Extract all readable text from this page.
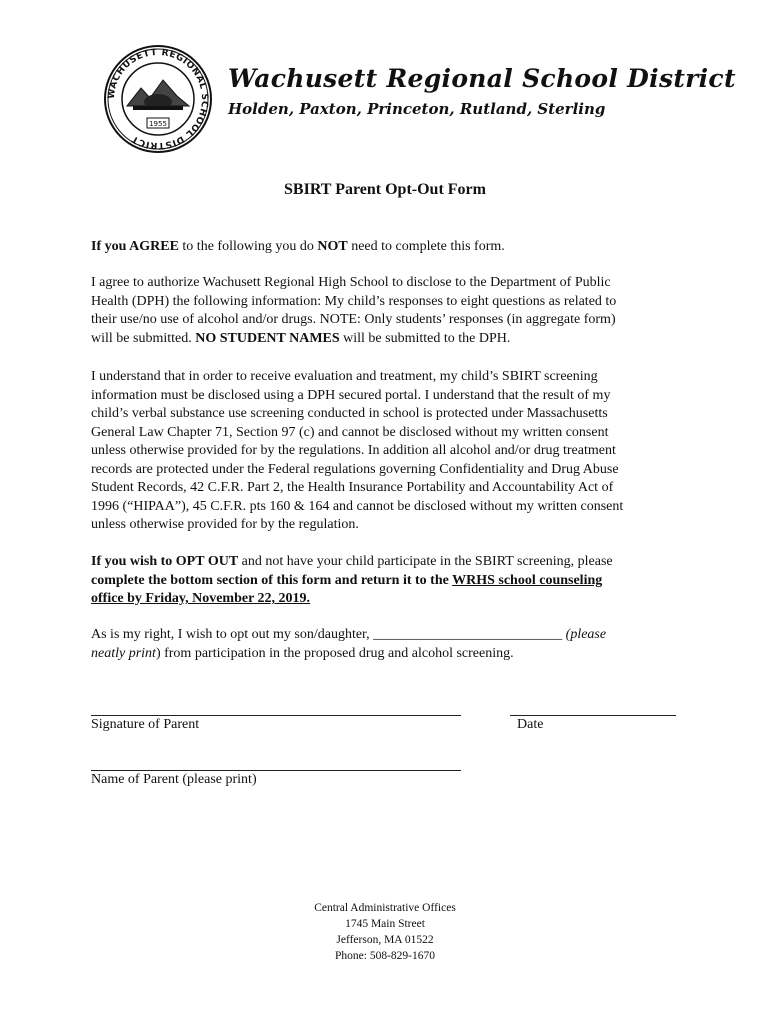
WACHUSETT REGIONAL SCHOOL DISTRICT
1955
Wachusett Regional School District
Holden, Paxton, Princeton, Rutland, Sterling
SBIRT Parent Opt-Out Form
If you AGREE to the following you do NOT need to complete this form.
I agree to authorize Wachusett Regional High School to disclose to the Department of Public
Health (DPH) the following information: My child’s responses to eight questions as related to
their use/no use of alcohol and/or drugs. NOTE: Only students’ responses (in aggregate form)
will be submitted. NO STUDENT NAMES will be submitted to the DPH.
I understand that in order to receive evaluation and treatment, my child’s SBIRT screening
information must be disclosed using a DPH secured portal. I understand that the result of my
child’s verbal substance use screening conducted in school is protected under Massachusetts
General Law Chapter 71, Section 97 (c) and cannot be disclosed without my written consent
unless otherwise provided for by the regulations. In addition all alcohol and/or drug treatment
records are protected under the Federal regulations governing Confidentiality and Drug Abuse
Student Records, 42 C.F.R. Part 2, the Health Insurance Portability and Accountability Act of
1996 (“HIPAA”), 45 C.F.R. pts 160 & 164 and cannot be disclosed without my written consent
unless otherwise provided for by the regulation.
If you wish to OPT OUT and not have your child participate in the SBIRT screening, please
complete the bottom section of this form and return it to the WRHS school counseling
office by Friday, November 22, 2019.
As is my right, I wish to opt out my son/daughter, ___________________________ (please
neatly print) from participation in the proposed drug and alcohol screening.
Signature of Parent	Date
Name of Parent (please print)
Central Administrative Offices
1745 Main Street
Jefferson, MA 01522
Phone: 508-829-1670
